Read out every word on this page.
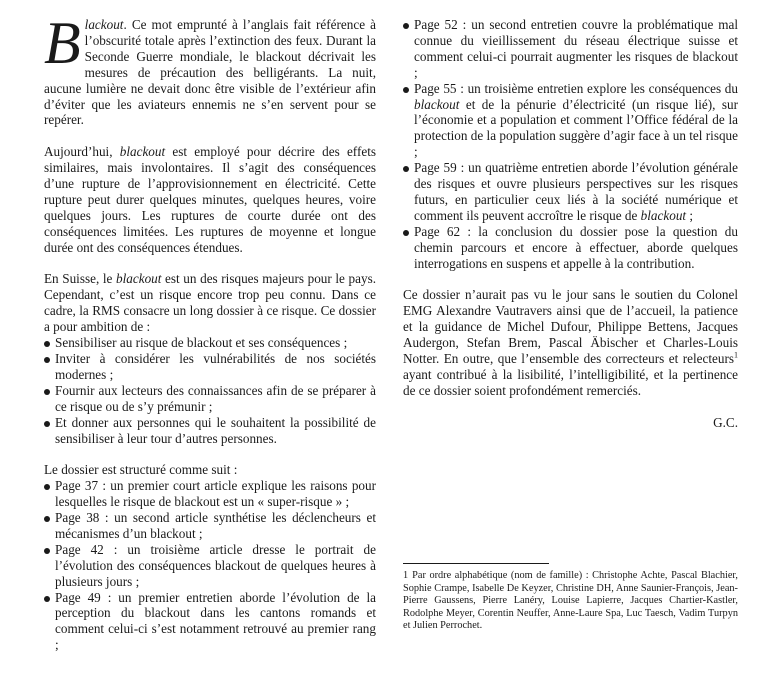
Blackout. Ce mot emprunté à l’anglais fait référence à l’obscurité totale après l’extinction des feux. Durant la Seconde Guerre mondiale, le blackout décrivait les mesures de précaution des belligérants. La nuit, aucune lumière ne devait donc être visible de l’extérieur afin d’éviter que les aviateurs ennemis ne s’en servent pour se repérer.

Aujourd’hui, blackout est employé pour décrire des effets similaires, mais involontaires. Il s’agit des conséquences d’une rupture de l’approvisionnement en électricité. Cette rupture peut durer quelques minutes, quelques heures, voire quelques jours. Les ruptures de courte durée ont des conséquences limitées. Les ruptures de moyenne et longue durée ont des conséquences étendues.

En Suisse, le blackout est un des risques majeurs pour le pays. Cependant, c’est un risque encore trop peu connu. Dans ce cadre, la RMS consacre un long dossier à ce risque. Ce dossier a pour ambition de :

Sensibiliser au risque de blackout et ses conséquences ;
Inviter à considérer les vulnérabilités de nos sociétés modernes ;
Fournir aux lecteurs des connaissances afin de se préparer à ce risque ou de s’y prémunir ;
Et donner aux personnes qui le souhaitent la possibilité de sensibiliser à leur tour d’autres personnes.

Le dossier est structuré comme suit :

Page 37 : un premier court article explique les raisons pour lesquelles le risque de blackout est un « super-risque » ;
Page 38 : un second article synthétise les déclencheurs et mécanismes d’un blackout ;
Page 42 : un troisième article dresse le portrait de l’évolution des conséquences blackout de quelques heures à plusieurs jours ;
Page 49 : un premier entretien aborde l’évolution de la perception du blackout dans les cantons romands et comment celui-ci s’est notamment retrouvé au premier rang ;
Page 52 : un second entretien couvre la problématique mal connue du vieillissement du réseau électrique suisse et comment celui-ci pourrait augmenter les risques de blackout ;
Page 55 : un troisième entretien explore les conséquences du blackout et de la pénurie d’électricité (un risque lié), sur l’économie et a population et comment l’Office fédéral de la protection de la population suggère d’agir face à un tel risque ;
Page 59 : un quatrième entretien aborde l’évolution générale des risques et ouvre plusieurs perspectives sur les risques futurs, en particulier ceux liés à la société numérique et comment ils peuvent accroître le risque de blackout ;
Page 62 : la conclusion du dossier pose la question du chemin parcours et encore à effectuer, aborde quelques interrogations en suspens et appelle à la contribution.

Ce dossier n’aurait pas vu le jour sans le soutien du Colonel EMG Alexandre Vautravers ainsi que de l’accueil, la patience et la guidance de Michel Dufour, Philippe Bettens, Jacques Audergon, Stefan Brem, Pascal Äbischer et Charles-Louis Notter. En outre, que l’ensemble des correcteurs et relecteurs$^1$ ayant contribué à la lisibilité, l’intelligibilité, et la pertinence de ce dossier soient profondément remerciés.

G.C.

1 Par ordre alphabétique (nom de famille) : Christophe Achte, Pascal Blachier, Sophie Crampe, Isabelle De Keyzer, Christine DH, Anne Saunier-François, Jean-Pierre Gaussens, Pierre Lanéry, Louise Lapierre, Jacques Chartier-Kastler, Rodolphe Meyer, Corentin Neuffer, Anne-Laure Spa, Luc Taesch, Vadim Turpyn et Julien Perrochet.
